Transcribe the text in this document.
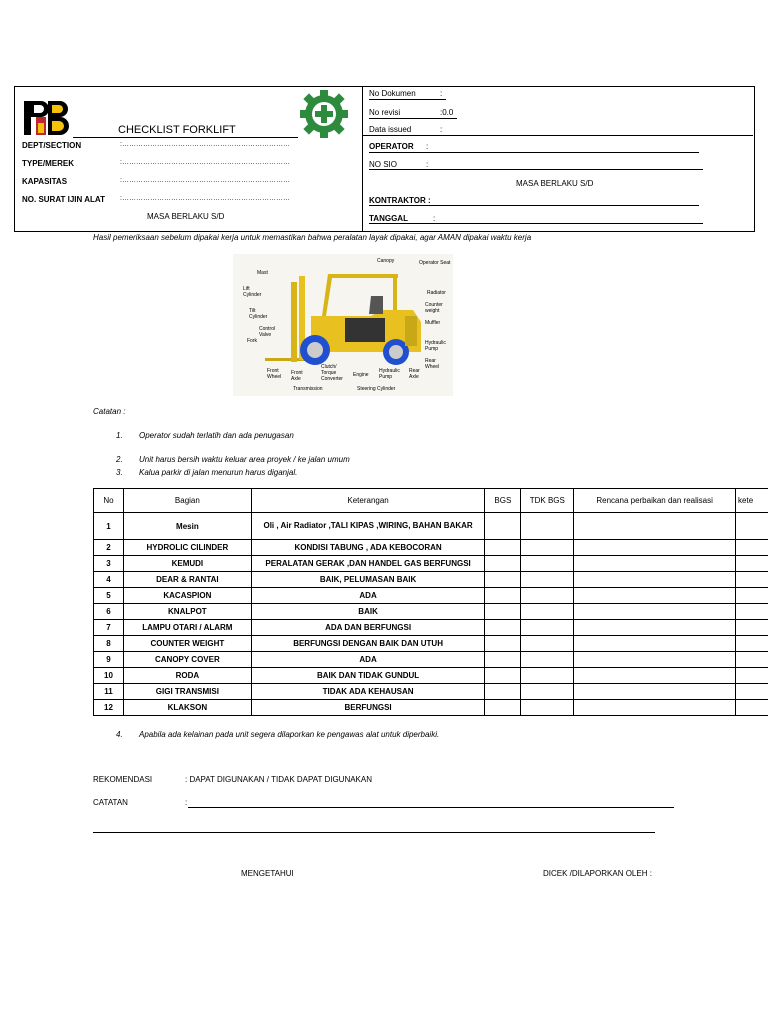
CHECKLIST FORKLIFT
DEPT/SECTION	:………………………………………………………………
TYPE/MEREK	:………………………………………………………………
KAPASITAS	:………………………………………………………………
NO. SURAT IJIN ALAT :………………………………………………………………
MASA BERLAKU S/D
No Dokumen	:
No revisi	:0.0
Data issued	:
OPERATOR :
NO SIO	:
MASA BERLAKU S/D
KONTRAKTOR :
TANGGAL	:
Hasil pemeriksaan sebelum dipakai kerja untuk memastikan bahwa peralatan layak dipakai, agar AMAN dipakai waktu kerja
Mast
Canopy	Operator Seat
Lift Cylinder	Radiator
Counter weight
Tilt Cylinder
Muffler
Control Valve
Fork	Hydraulic Pump
Rear Wheel
Front Wheel
Front Axle
Clutch/ Torque Converter
Engine
Hydraulic Pump
Rear Axle
Transmission	Steering Cylinder
Catatan :
1. Operator sudah terlatih dan ada penugasan
2. Unit harus bersih waktu keluar area proyek / ke jalan umum
3. Kalua parkir di jalan menurun harus diganjal.
No	Bagian	Keterangan	BGS	TDK BGS	Rencana perbaikan dan realisasi	kete
1	Mesin	Oli , Air Radiator ,TALI KIPAS ,WIRING, BAHAN BAKAR				
2	HYDROLIC CILINDER	KONDISI TABUNG , ADA KEBOCORAN				
3	KEMUDI	PERALATAN GERAK ,DAN HANDEL GAS BERFUNGSI				
4	DEAR & RANTAI	BAIK, PELUMASAN BAIK				
5	KACASPION	ADA				
6	KNALPOT	BAIK				
7	LAMPU OTARI / ALARM	ADA DAN BERFUNGSI				
8	COUNTER WEIGHT	BERFUNGSI DENGAN BAIK DAN UTUH				
9	CANOPY COVER	ADA				
10	RODA	BAIK DAN TIDAK GUNDUL				
11	GIGI TRANSMISI	TIDAK ADA KEHAUSAN				
12	KLAKSON	BERFUNGSI				
4. Apabila ada kelainan pada unit segera dilaporkan ke pengawas alat untuk diperbaiki.
REKOMENDASI	: DAPAT DIGUNAKAN / TIDAK DAPAT DIGUNAKAN
CATATAN	:
MENGETAHUI	DICEK /DILAPORKAN OLEH :
